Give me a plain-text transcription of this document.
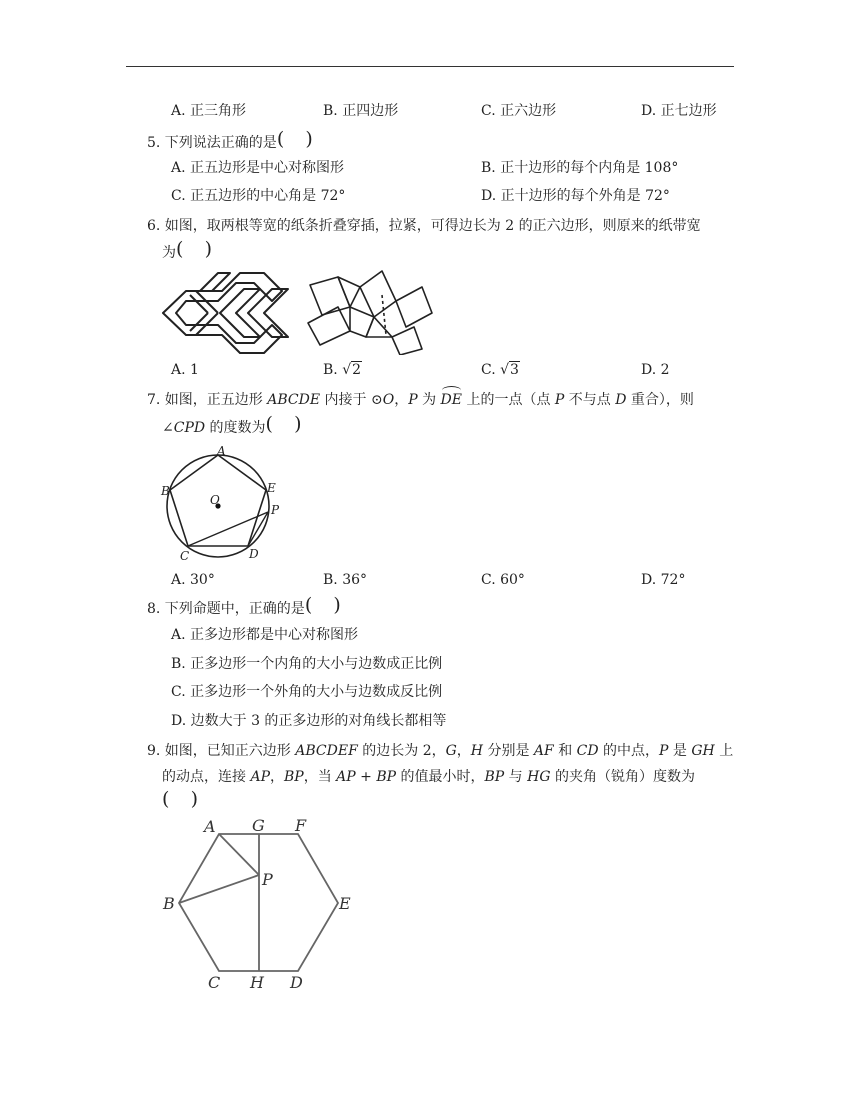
A. 正三角形	B. 正四边形	C. 正六边形	D. 正七边形
5. 下列说法正确的是( )
A. 正五边形是中心对称图形	B. 正十边形的每个内角是 108°
C. 正五边形的中心角是 72°	D. 正十边形的每个外角是 72°
6. 如图，取两根等宽的纸条折叠穿插，拉紧，可得边长为 2 的正六边形，则原来的纸带宽
为( )
A. 1	B. √2	C. √3	D. 2
7. 如图，正五边形 ABCDE 内接于 ⊙O，P 为 DE
上的一点（点 P 不与点 D 重合），则
∠CPD 的度数为( )
A
B
C	D
E
O
P
A. 30°	B. 36°	C. 60°	D. 72°
8. 下列命题中，正确的是( )
A. 正多边形都是中心对称图形
B. 正多边形一个内角的大小与边数成正比例
C. 正多边形一个外角的大小与边数成反比例
D. 边数大于 3 的正多边形的对角线长都相等
9. 如图，已知正六边形 ABCDEF 的边长为 2，G，H 分别是 AF 和 CD 的中点，P 是 GH 上
的动点，连接 AP，BP，当 AP + BP 的值最小时，BP 与 HG 的夹角（锐角）度数为
( )
A G F
P
B	E
C H D
